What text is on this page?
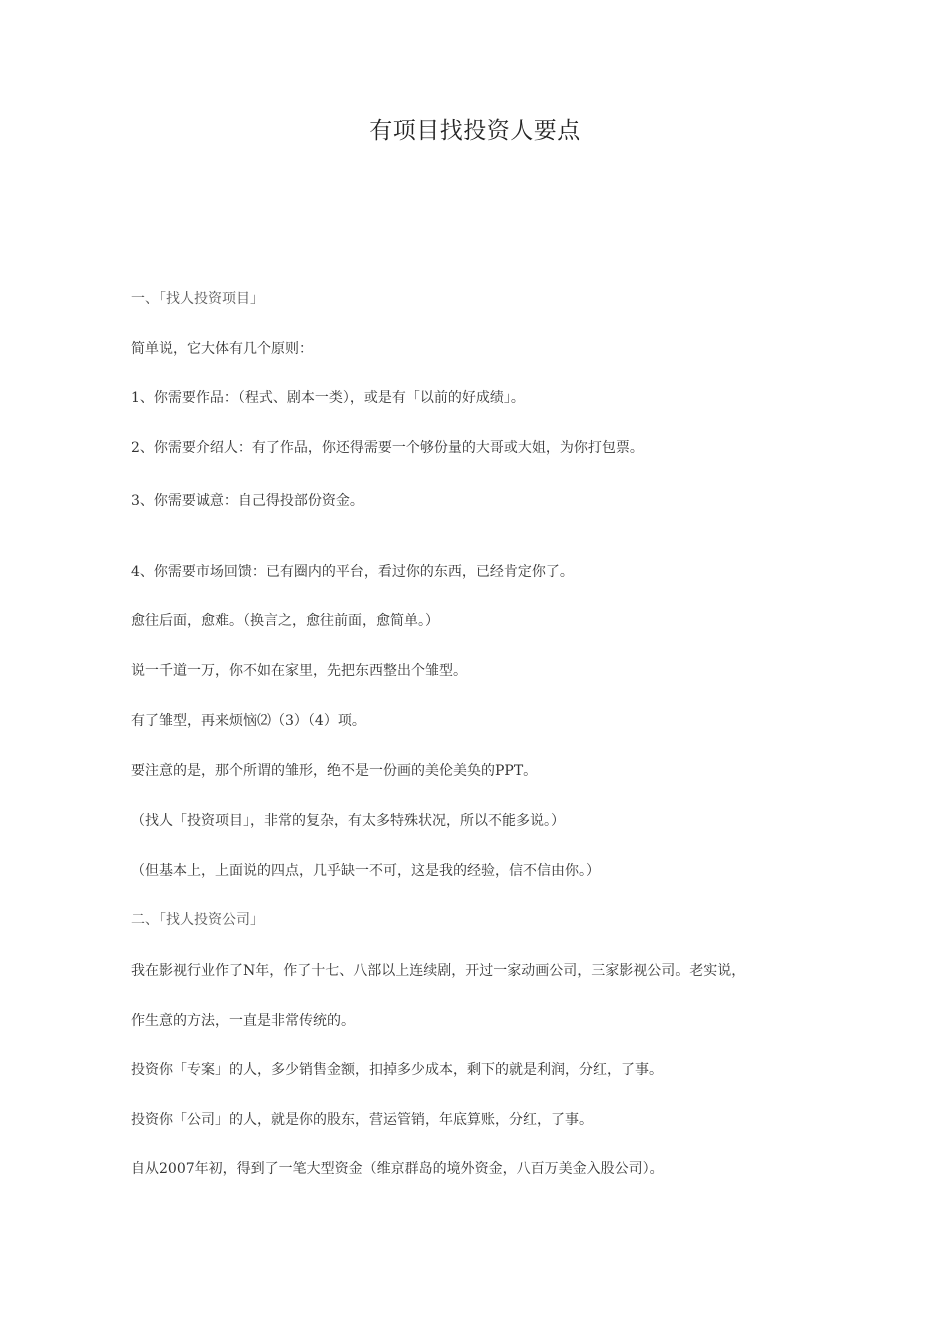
有项目找投资人要点

一、「找人投资项目」

简单说，它大体有几个原则：

1、你需要作品：（程式、剧本一类），或是有「以前的好成绩」。

2、你需要介绍人：有了作品，你还得需要一个够份量的大哥或大姐，为你打包票。

3、你需要诚意：自己得投部份资金。

4、你需要市场回馈：已有圈内的平台，看过你的东西，已经肯定你了。

愈往后面，愈难。（换言之，愈往前面，愈简单。）

说一千道一万，你不如在家里，先把东西整出个雏型。

有了雏型，再来烦恼⑵（3）（4）项。

要注意的是，那个所谓的雏形，绝不是一份画的美伦美奂的PPT。

（找人「投资项目」，非常的复杂，有太多特殊状况，所以不能多说。）

（但基本上，上面说的四点，几乎缺一不可，这是我的经验，信不信由你。）

二、「找人投资公司」

我在影视行业作了N年，作了十七、八部以上连续剧，开过一家动画公司，三家影视公司。老实说，

作生意的方法，一直是非常传统的。

投资你「专案」的人，多少销售金额，扣掉多少成本，剩下的就是利润，分红，了事。

投资你「公司」的人，就是你的股东，营运管销，年底算账，分红，了事。

自从2007年初，得到了一笔大型资金（维京群岛的境外资金，八百万美金入股公司）。
